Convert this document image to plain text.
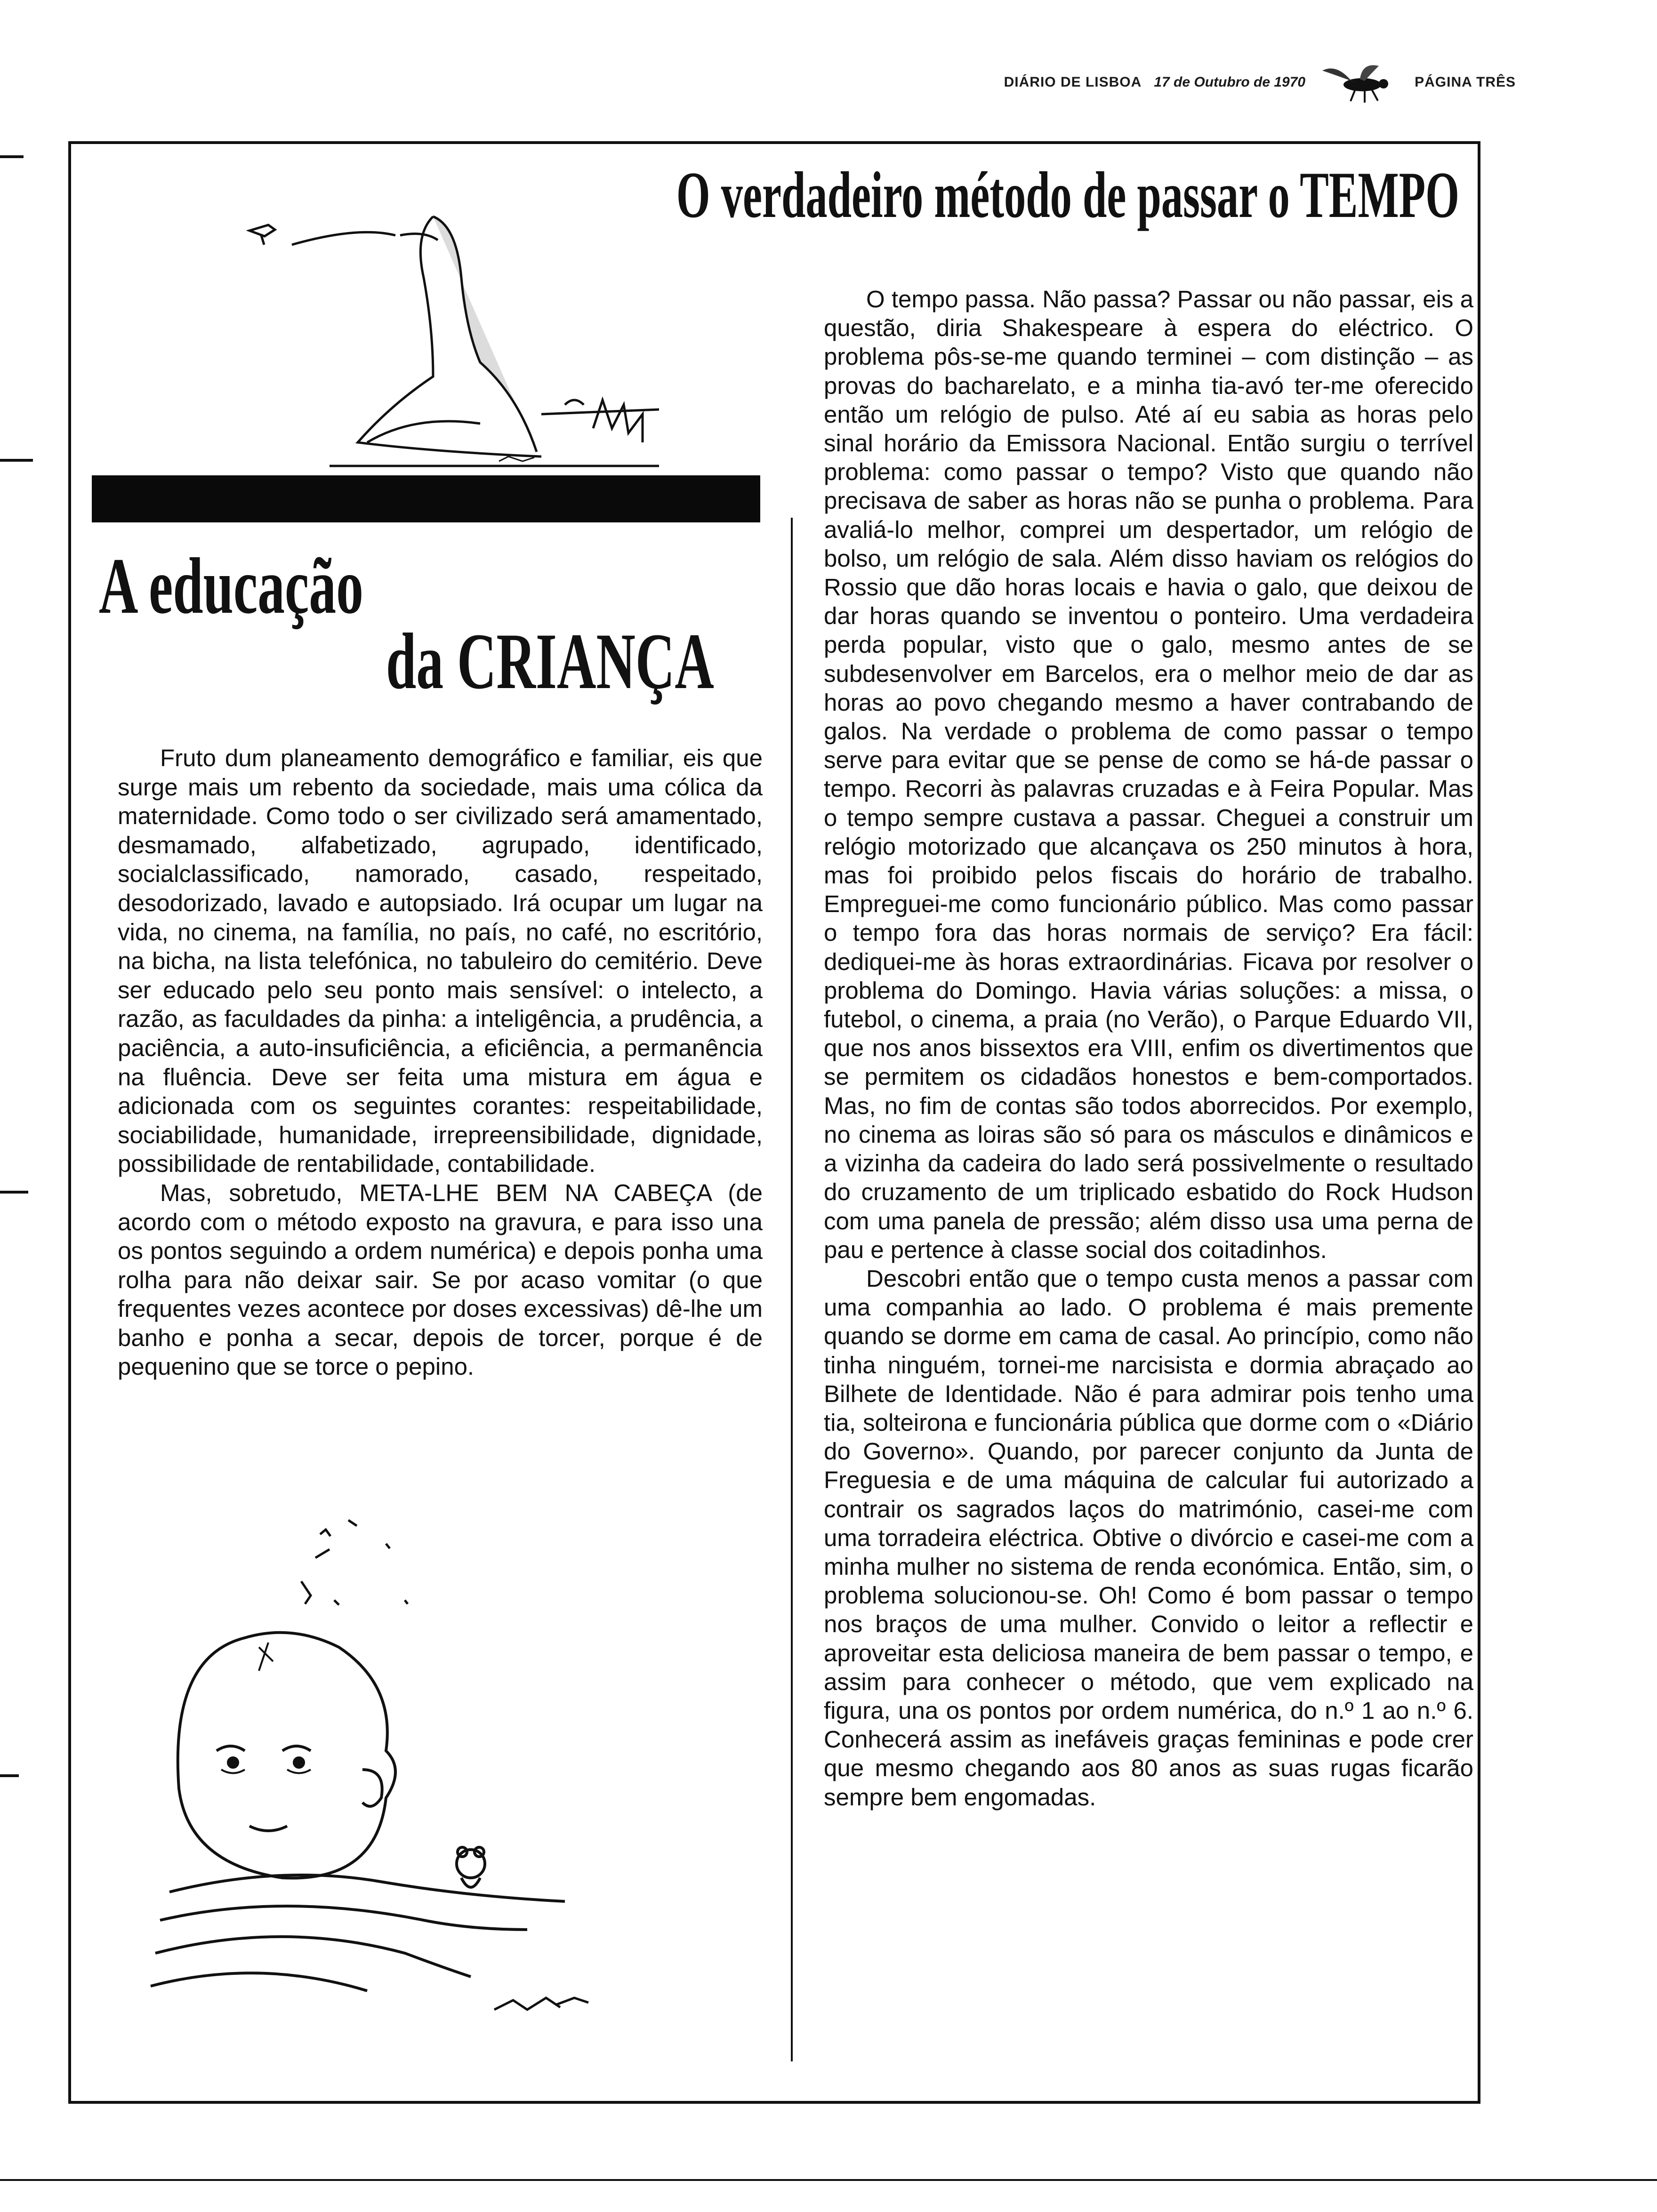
DIÁRIO DE LISBOA 17 de Outubro de 1970	PÁGINA TRÊS
O verdadeiro método de passar o TEMPO
A educação
da CRIANÇA

Fruto dum planeamento demográfico e familiar, eis que surge mais um rebento da sociedade, mais uma cólica da maternidade. Como todo o ser civilizado será amamentado, desmamado, alfabetizado, agrupado, identificado, socialclassificado, namorado, casado, respeitado, desodorizado, lavado e autopsiado. Irá ocupar um lugar na vida, no cinema, na família, no país, no café, no escritório, na bicha, na lista telefónica, no tabuleiro do cemitério. Deve ser educado pelo seu ponto mais sensível: o intelecto, a razão, as faculdades da pinha: a inteligência, a prudência, a paciência, a auto-insuficiência, a eficiência, a permanência na fluência. Deve ser feita uma mistura em água e adicionada com os seguintes corantes: respeitabilidade, sociabilidade, humanidade, irrepreensibilidade, dignidade, possibilidade de rentabilidade, contabilidade.

Mas, sobretudo, META-LHE BEM NA CABEÇA (de acordo com o método exposto na gravura, e para isso una os pontos seguindo a ordem numérica) e depois ponha uma rolha para não deixar sair. Se por acaso vomitar (o que frequentes vezes acontece por doses excessivas) dê-lhe um banho e ponha a secar, depois de torcer, porque é de pequenino que se torce o pepino.

O tempo passa. Não passa? Passar ou não passar, eis a questão, diria Shakespeare à espera do eléctrico. O problema pôs-se-me quando terminei – com distinção – as provas do bacharelato, e a minha tia-avó ter-me oferecido então um relógio de pulso. Até aí eu sabia as horas pelo sinal horário da Emissora Nacional. Então surgiu o terrível problema: como passar o tempo? Visto que quando não precisava de saber as horas não se punha o problema. Para avaliá-lo melhor, comprei um despertador, um relógio de bolso, um relógio de sala. Além disso haviam os relógios do Rossio que dão horas locais e havia o galo, que deixou de dar horas quando se inventou o ponteiro. Uma verdadeira perda popular, visto que o galo, mesmo antes de se subdesenvolver em Barcelos, era o melhor meio de dar as horas ao povo chegando mesmo a haver contrabando de galos. Na verdade o problema de como passar o tempo serve para evitar que se pense de como se há-de passar o tempo. Recorri às palavras cruzadas e à Feira Popular. Mas o tempo sempre custava a passar. Cheguei a construir um relógio motorizado que alcançava os 250 minutos à hora, mas foi proibido pelos fiscais do horário de trabalho. Empreguei-me como funcionário público. Mas como passar o tempo fora das horas normais de serviço? Era fácil: dediquei-me às horas extraordinárias. Ficava por resolver o problema do Domingo. Havia várias soluções: a missa, o futebol, o cinema, a praia (no Verão), o Parque Eduardo VII, que nos anos bissextos era VIII, enfim os divertimentos que se permitem os cidadãos honestos e bem-comportados. Mas, no fim de contas são todos aborrecidos. Por exemplo, no cinema as loiras são só para os másculos e dinâmicos e a vizinha da cadeira do lado será possivelmente o resultado do cruzamento de um triplicado esbatido do Rock Hudson com uma panela de pressão; além disso usa uma perna de pau e pertence à classe social dos coitadinhos.

Descobri então que o tempo custa menos a passar com uma companhia ao lado. O problema é mais premente quando se dorme em cama de casal. Ao princípio, como não tinha ninguém, tornei-me narcisista e dormia abraçado ao Bilhete de Identidade. Não é para admirar pois tenho uma tia, solteirona e funcionária pública que dorme com o «Diário do Governo». Quando, por parecer conjunto da Junta de Freguesia e de uma máquina de calcular fui autorizado a contrair os sagrados laços do matrimónio, casei-me com uma torradeira eléctrica. Obtive o divórcio e casei-me com a minha mulher no sistema de renda económica. Então, sim, o problema solucionou-se. Oh! Como é bom passar o tempo nos braços de uma mulher. Convido o leitor a reflectir e aproveitar esta deliciosa maneira de bem passar o tempo, e assim para conhecer o método, que vem explicado na figura, una os pontos por ordem numérica, do n.º 1 ao n.º 6. Conhecerá assim as inefáveis graças femininas e pode crer que mesmo chegando aos 80 anos as suas rugas ficarão sempre bem engomadas.
